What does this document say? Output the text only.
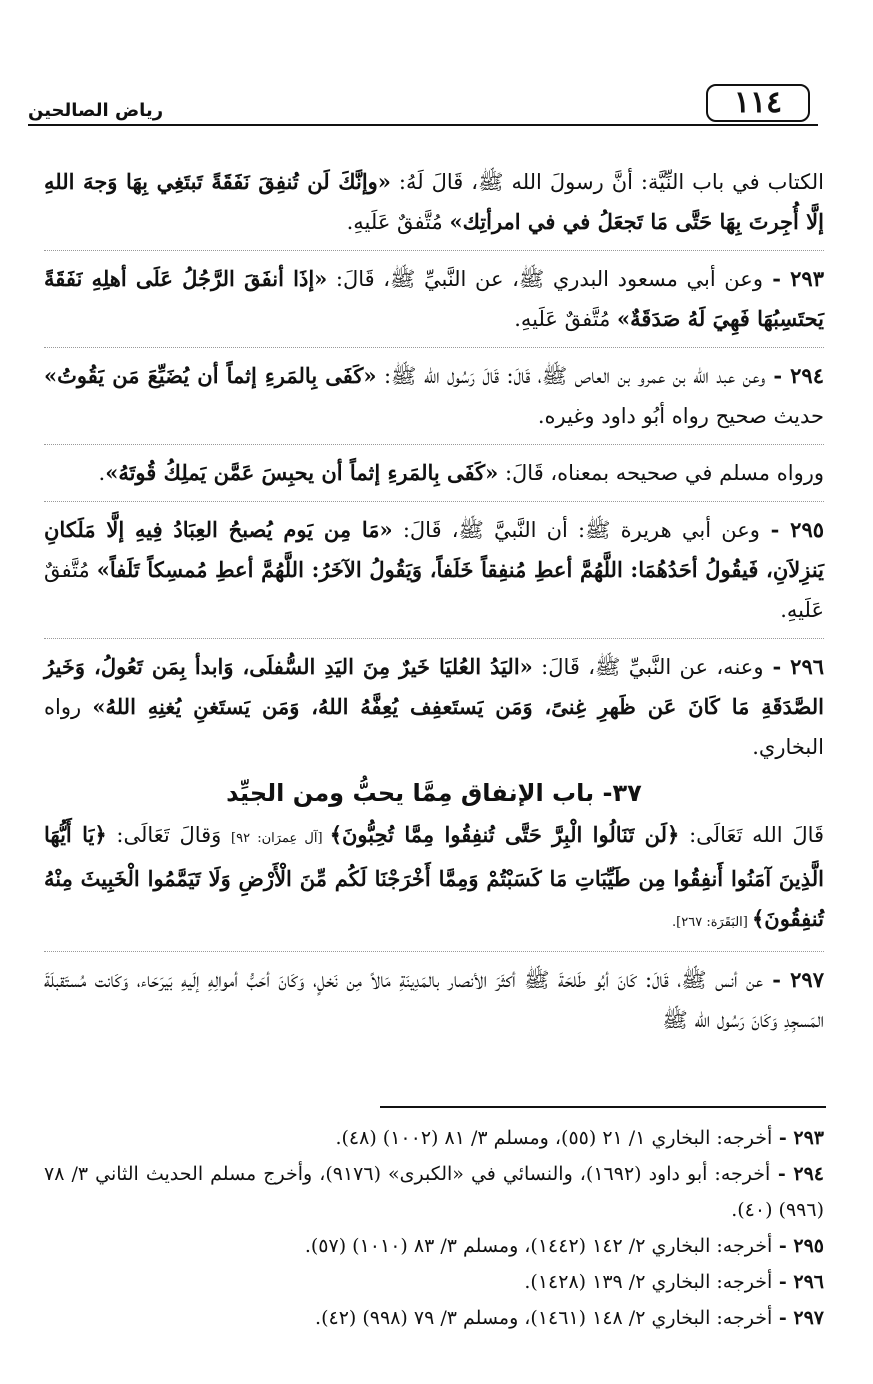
١١٤
رياض الصالحين

الكتاب في باب النِّيَّة: أنَّ رسولَ الله ﷺ، قَالَ لَهُ: «وإنَّكَ لَن تُنفِقَ نَفَقَةً تَبتَغِي بِهَا وَجهَ اللهِ إلَّا أُجِرتَ بِهَا حَتَّى مَا تَجعَلُ في في امرأتِك» مُتَّفقٌ عَلَيهِ.

٢٩٣ - وعن أبي مسعود البدري ﷺ، عن النَّبيِّ ﷺ، قَالَ: «إذَا أنفَقَ الرَّجُلُ عَلَى أهلِهِ نَفَقَةً يَحتَسِبُهَا فَهِيَ لَهُ صَدَقَةٌ» مُتَّفقٌ عَلَيهِ.

٢٩٤ - وعن عبد الله بن عمرو بن العاص ﷺ، قَالَ: قَالَ رَسُول الله ﷺ: «كَفَى بِالمَرءِ إثماً أن يُضَيِّعَ مَن يَقُوتُ» حديث صحيح رواه أبُو داود وغيره.

ورواه مسلم في صحيحه بمعناه، قَالَ: «كَفَى بِالمَرءِ إثماً أن يحبِسَ عَمَّن يَملِكُ قُوتَهُ».

٢٩٥ - وعن أبي هريرة ﷺ: أن النَّبيَّ ﷺ، قَالَ: «مَا مِن يَوم يُصبحُ العِبَادُ فِيهِ إلَّا مَلَكانِ يَنزِلاَنِ، فَيقُولُ أحَدُهُمَا: اللَّهُمَّ أعطِ مُنفِقاً خَلَفاً، وَيَقُولُ الآخَرُ: اللَّهُمَّ أعطِ مُمسِكاً تَلَفاً» مُتَّفقٌ عَلَيهِ.

٢٩٦ - وعنه، عن النَّبيِّ ﷺ، قَالَ: «اليَدُ العُليَا خَيرٌ مِنَ اليَدِ السُّفلَى، وَابدأ بِمَن تَعُولُ، وَخَيرُ الصَّدَقَةِ مَا كَانَ عَن ظَهرِ غِنىً، وَمَن يَستَعفِف يُعِفَّهُ اللهُ، وَمَن يَستَغنِ يُغنِهِ اللهُ» رواه البخاري.

٣٧- باب الإنفاق مِمَّا يحبُّ ومن الجيِّد

قَالَ الله تَعَالَى: ﴿لَن تَنَالُوا الْبِرَّ حَتَّى تُنفِقُوا مِمَّا تُحِبُّونَ﴾ [آل عِمرَان: ٩٢] وَقالَ تَعَالَى: ﴿يَا أَيُّهَا الَّذِينَ آمَنُوا أَنفِقُوا مِن طَيِّبَاتِ مَا كَسَبْتُمْ وَمِمَّا أَخْرَجْنَا لَكُم مِّنَ الْأَرْضِ وَلَا تَيَمَّمُوا الْخَبِيثَ مِنْهُ تُنفِقُونَ﴾ [البَقَرَة: ٢٦٧].

٢٩٧ - عن أنس ﷺ، قَالَ: كَانَ أبُو طَلحَةَ ﷺ أكثَرَ الأنصار بالمَدِينَةِ مَالاً مِن نَخلٍ، وَكَانَ أحَبُّ أموالِهِ إلَيهِ بَيرَحَاء، وَكَانت مُستَقبلَةَ المَسجِدِ وَكَانَ رَسُول الله ﷺ

٢٩٣ - أخرجه: البخاري ١/ ٢١ (٥٥)، ومسلم ٣/ ٨١ (١٠٠٢) (٤٨).

٢٩٤ - أخرجه: أبو داود (١٦٩٢)، والنسائي في «الكبرى» (٩١٧٦)، وأخرج مسلم الحديث الثاني ٣/ ٧٨ (٩٩٦) (٤٠).

٢٩٥ - أخرجه: البخاري ٢/ ١٤٢ (١٤٤٢)، ومسلم ٣/ ٨٣ (١٠١٠) (٥٧).

٢٩٦ - أخرجه: البخاري ٢/ ١٣٩ (١٤٢٨).

٢٩٧ - أخرجه: البخاري ٢/ ١٤٨ (١٤٦١)، ومسلم ٣/ ٧٩ (٩٩٨) (٤٢).
